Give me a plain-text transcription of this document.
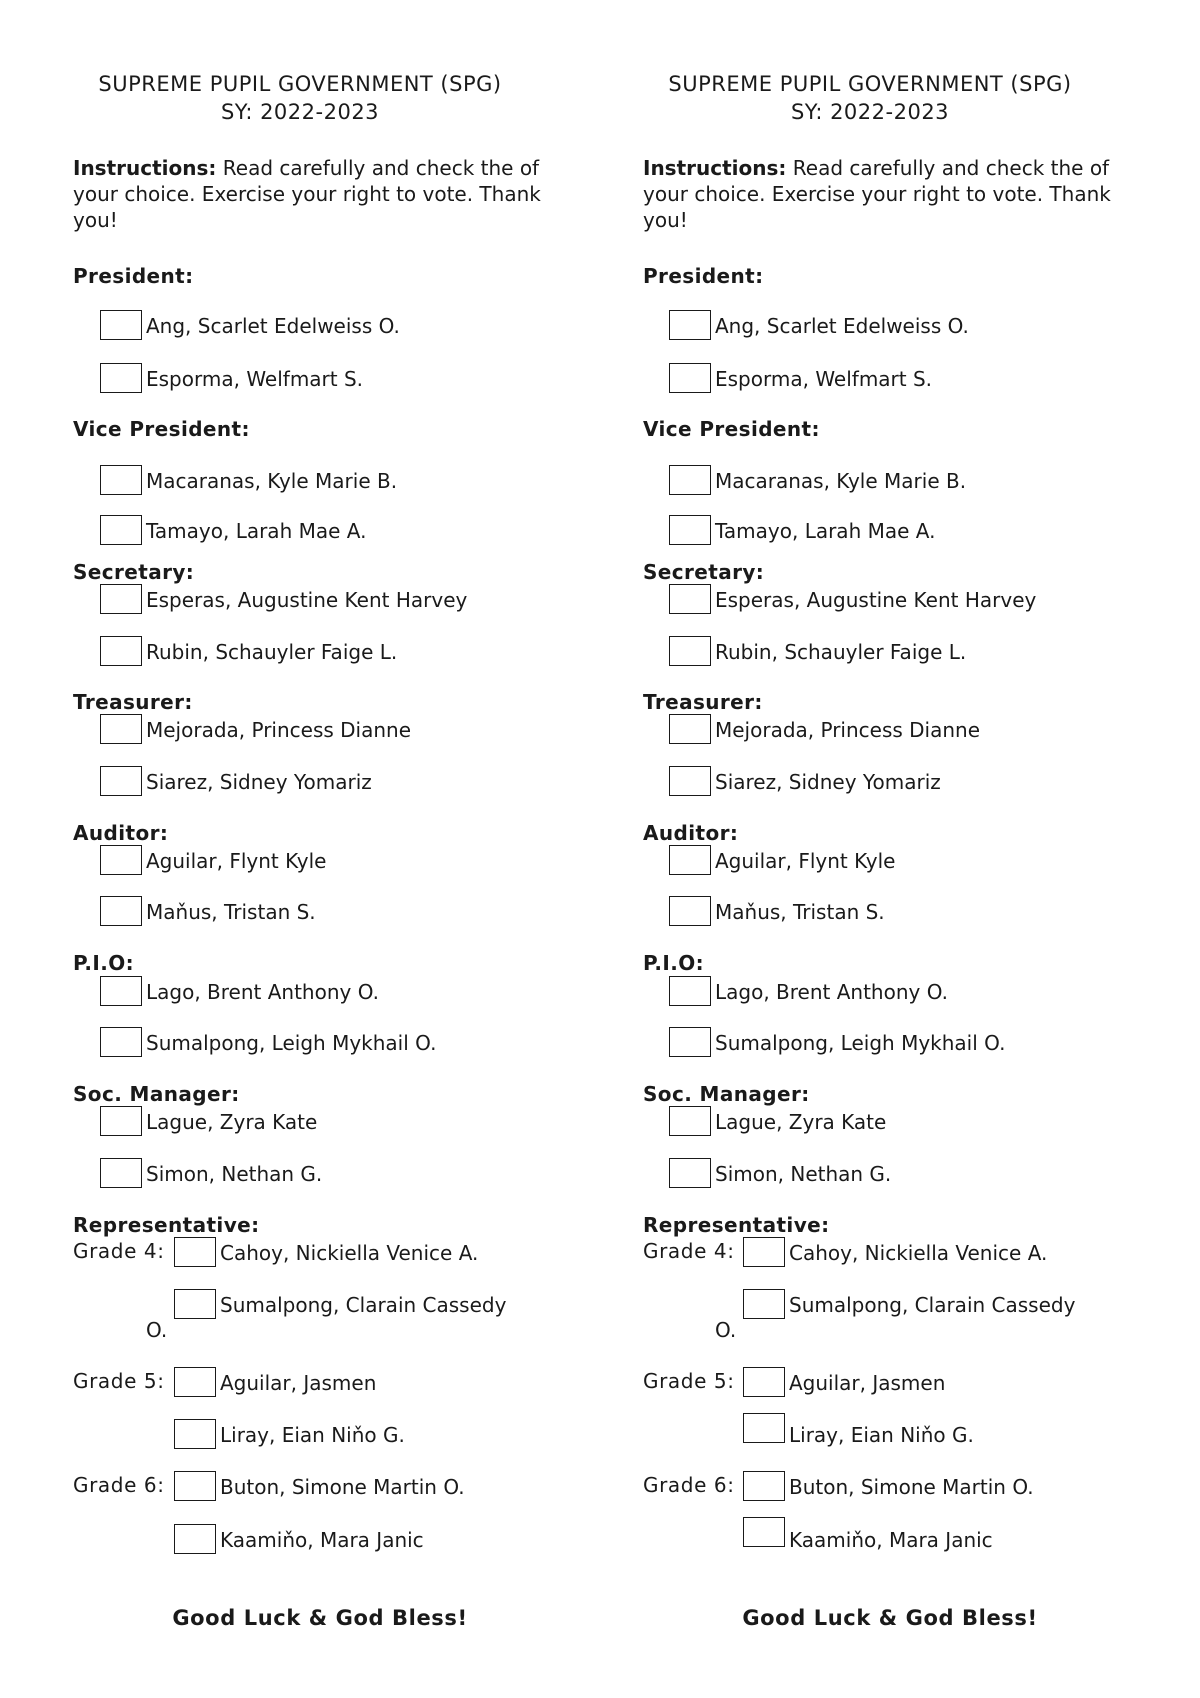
SUPREME PUPIL GOVERNMENT (SPG)
SY: 2022-2023
Instructions: Read carefully and check the of your choice. Exercise your right to vote. Thank you!
President:
Ang, Scarlet Edelweiss O.
Esporma, Welfmart S.
Vice President:
Macaranas, Kyle Marie B.
Tamayo, Larah Mae A.
Secretary:
Esperas, Augustine Kent Harvey
Rubin, Schauyler Faige L.
Treasurer:
Mejorada, Princess Dianne
Siarez, Sidney Yomariz
Auditor:
Aguilar, Flynt Kyle
Maňus, Tristan S.
P.I.O:
Lago, Brent Anthony O.
Sumalpong, Leigh Mykhail O.
Soc. Manager:
Lague, Zyra Kate
Simon, Nethan G.
Representative:
Grade 4:	Cahoy, Nickiella Venice A.
Sumalpong, Clarain Cassedy
O.
Grade 5:	Aguilar, Jasmen
Liray, Eian Niňo G.
Grade 6:	Buton, Simone Martin O.
Kaamiňo, Mara Janic
Good Luck & God Bless!
SUPREME PUPIL GOVERNMENT (SPG)
SY: 2022-2023
Instructions: Read carefully and check the of your choice. Exercise your right to vote. Thank you!
President:
Ang, Scarlet Edelweiss O.
Esporma, Welfmart S.
Vice President:
Macaranas, Kyle Marie B.
Tamayo, Larah Mae A.
Secretary:
Esperas, Augustine Kent Harvey
Rubin, Schauyler Faige L.
Treasurer:
Mejorada, Princess Dianne
Siarez, Sidney Yomariz
Auditor:
Aguilar, Flynt Kyle
Maňus, Tristan S.
P.I.O:
Lago, Brent Anthony O.
Sumalpong, Leigh Mykhail O.
Soc. Manager:
Lague, Zyra Kate
Simon, Nethan G.
Representative:
Grade 4:	Cahoy, Nickiella Venice A.
Sumalpong, Clarain Cassedy
O.
Grade 5:	Aguilar, Jasmen
Liray, Eian Niňo G.
Grade 6:	Buton, Simone Martin O.
Kaamiňo, Mara Janic
Good Luck & God Bless!
